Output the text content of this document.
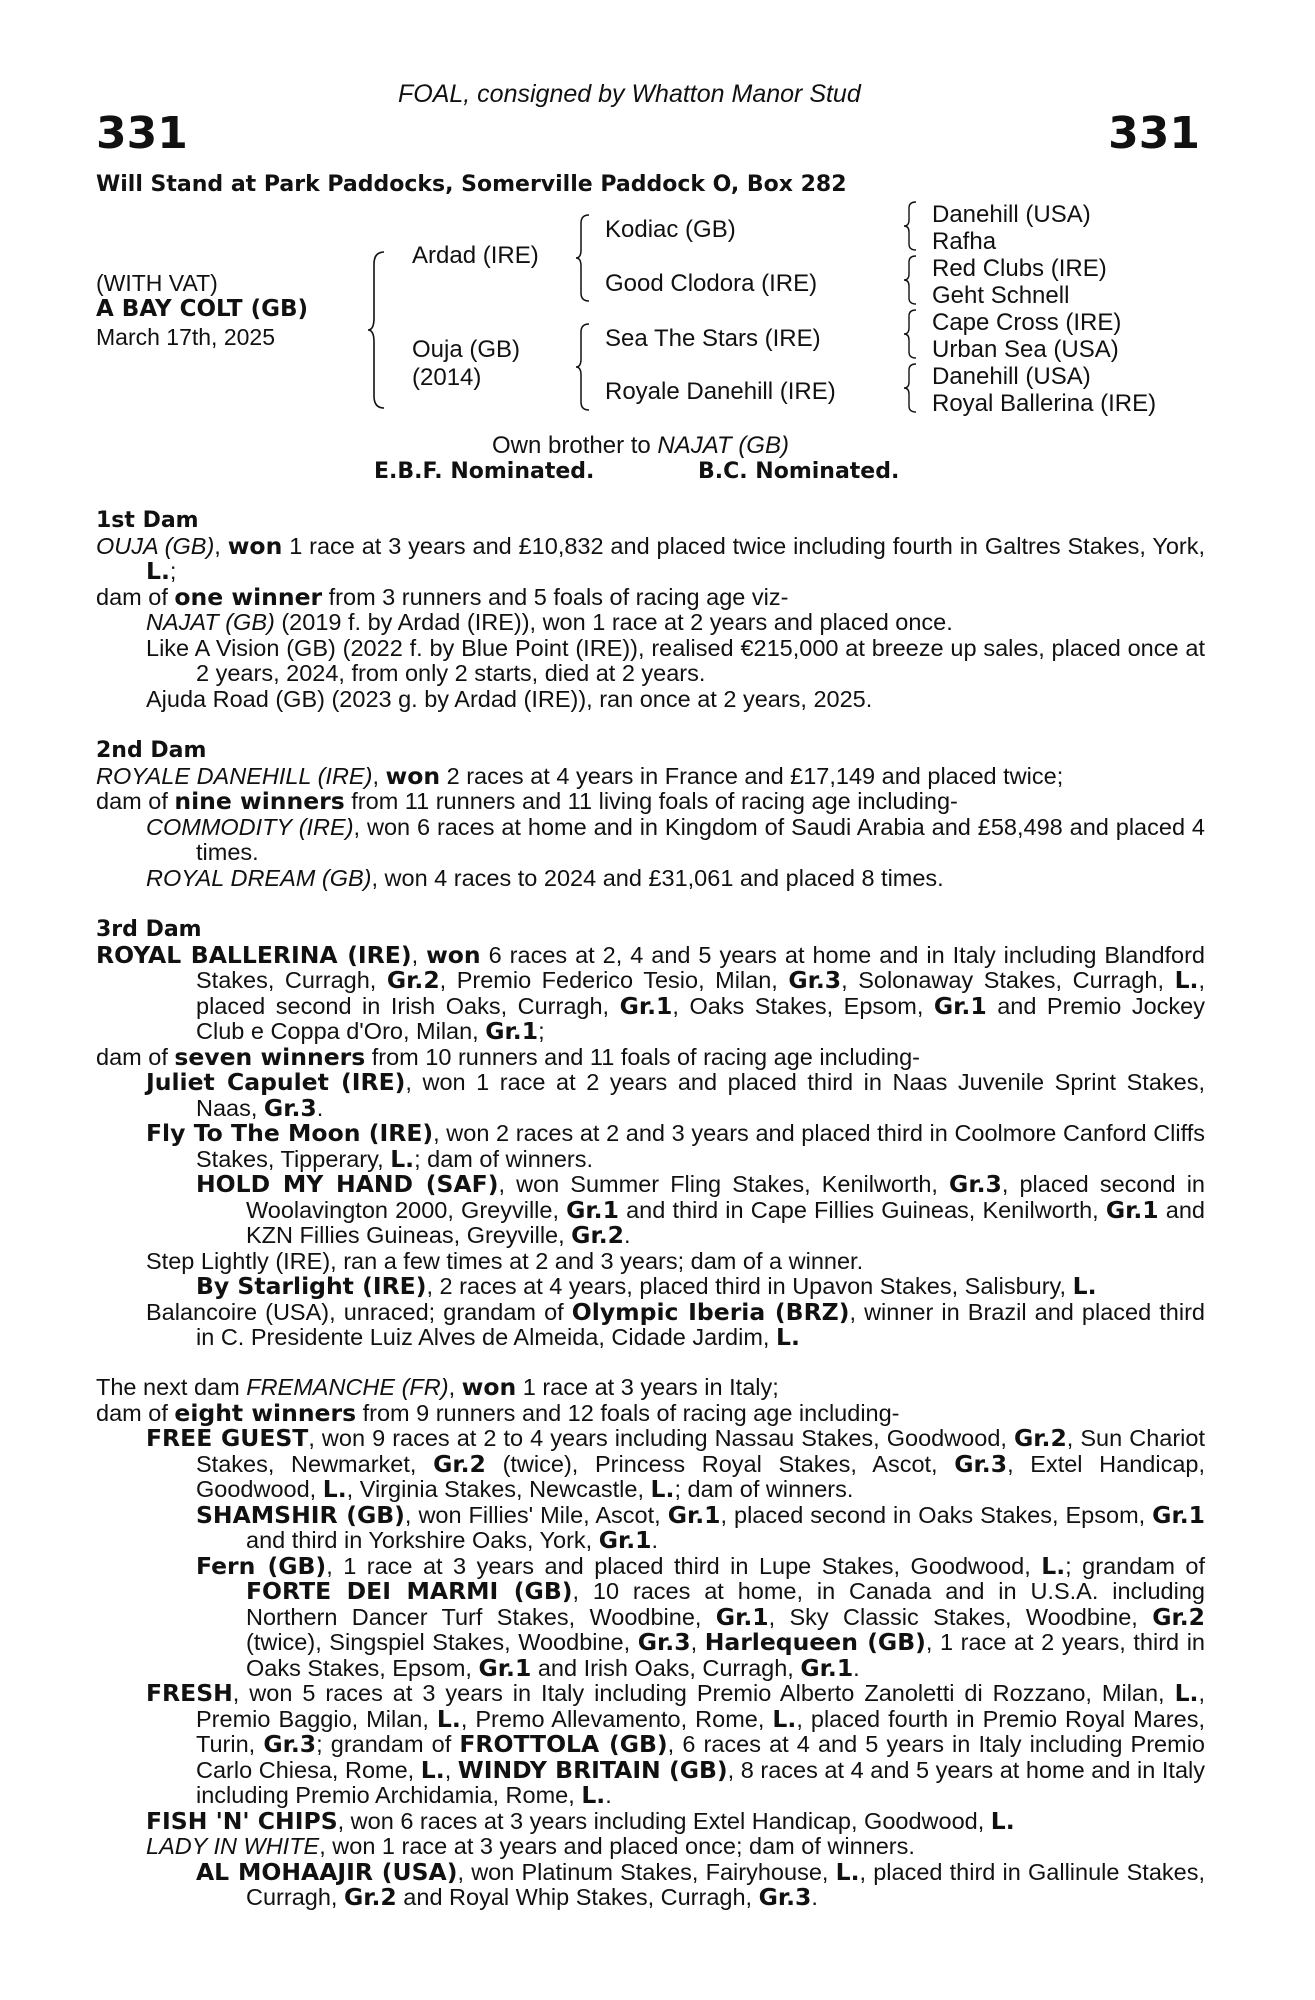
FOAL, consigned by Whatton Manor Stud
331	331
Will Stand at Park Paddocks, Somerville Paddock O, Box 282
(WITH VAT)
A BAY COLT (GB)
March 17th, 2025
Ardad (IRE)
Ouja (GB)
(2014)
Kodiac (GB)
Good Clodora (IRE)
Sea The Stars (IRE)
Royale Danehill (IRE)
Danehill (USA)
Rafha
Red Clubs (IRE)
Geht Schnell
Cape Cross (IRE)
Urban Sea (USA)
Danehill (USA)
Royal Ballerina (IRE)
Own brother to NAJAT (GB)
E.B.F. Nominated.	B.C. Nominated.

1st Dam

OUJA (GB), won 1 race at 3 years and £10,832 and placed twice including fourth in Galtres Stakes, York, L.;

dam of one winner from 3 runners and 5 foals of racing age viz-

NAJAT (GB) (2019 f. by Ardad (IRE)), won 1 race at 2 years and placed once.

Like A Vision (GB) (2022 f. by Blue Point (IRE)), realised €215,000 at breeze up sales, placed once at 2 years, 2024, from only 2 starts, died at 2 years.

Ajuda Road (GB) (2023 g. by Ardad (IRE)), ran once at 2 years, 2025.

2nd Dam

ROYALE DANEHILL (IRE), won 2 races at 4 years in France and £17,149 and placed twice;

dam of nine winners from 11 runners and 11 living foals of racing age including-

COMMODITY (IRE), won 6 races at home and in Kingdom of Saudi Arabia and £58,498 and placed 4 times.

ROYAL DREAM (GB), won 4 races to 2024 and £31,061 and placed 8 times.

3rd Dam

ROYAL BALLERINA (IRE), won 6 races at 2, 4 and 5 years at home and in Italy including Blandford Stakes, Curragh, Gr.2, Premio Federico Tesio, Milan, Gr.3, Solonaway Stakes, Curragh, L., placed second in Irish Oaks, Curragh, Gr.1, Oaks Stakes, Epsom, Gr.1 and Premio Jockey Club e Coppa d'Oro, Milan, Gr.1;

dam of seven winners from 10 runners and 11 foals of racing age including-

Juliet Capulet (IRE), won 1 race at 2 years and placed third in Naas Juvenile Sprint Stakes, Naas, Gr.3.

Fly To The Moon (IRE), won 2 races at 2 and 3 years and placed third in Coolmore Canford Cliffs Stakes, Tipperary, L.; dam of winners.

HOLD MY HAND (SAF), won Summer Fling Stakes, Kenilworth, Gr.3, placed second in Woolavington 2000, Greyville, Gr.1 and third in Cape Fillies Guineas, Kenilworth, Gr.1 and KZN Fillies Guineas, Greyville, Gr.2.

Step Lightly (IRE), ran a few times at 2 and 3 years; dam of a winner.

By Starlight (IRE), 2 races at 4 years, placed third in Upavon Stakes, Salisbury, L.

Balancoire (USA), unraced; grandam of Olympic Iberia (BRZ), winner in Brazil and placed third in C. Presidente Luiz Alves de Almeida, Cidade Jardim, L.

The next dam FREMANCHE (FR), won 1 race at 3 years in Italy;

dam of eight winners from 9 runners and 12 foals of racing age including-

FREE GUEST, won 9 races at 2 to 4 years including Nassau Stakes, Goodwood, Gr.2, Sun Chariot Stakes, Newmarket, Gr.2 (twice), Princess Royal Stakes, Ascot, Gr.3, Extel Handicap, Goodwood, L., Virginia Stakes, Newcastle, L.; dam of winners.

SHAMSHIR (GB), won Fillies' Mile, Ascot, Gr.1, placed second in Oaks Stakes, Epsom, Gr.1 and third in Yorkshire Oaks, York, Gr.1.

Fern (GB), 1 race at 3 years and placed third in Lupe Stakes, Goodwood, L.; grandam of FORTE DEI MARMI (GB), 10 races at home, in Canada and in U.S.A. including Northern Dancer Turf Stakes, Woodbine, Gr.1, Sky Classic Stakes, Woodbine, Gr.2 (twice), Singspiel Stakes, Woodbine, Gr.3, Harlequeen (GB), 1 race at 2 years, third in Oaks Stakes, Epsom, Gr.1 and Irish Oaks, Curragh, Gr.1.

FRESH, won 5 races at 3 years in Italy including Premio Alberto Zanoletti di Rozzano, Milan, L., Premio Baggio, Milan, L., Premo Allevamento, Rome, L., placed fourth in Premio Royal Mares, Turin, Gr.3; grandam of FROTTOLA (GB), 6 races at 4 and 5 years in Italy including Premio Carlo Chiesa, Rome, L., WINDY BRITAIN (GB), 8 races at 4 and 5 years at home and in Italy including Premio Archidamia, Rome, L..

FISH 'N' CHIPS, won 6 races at 3 years including Extel Handicap, Goodwood, L.

LADY IN WHITE, won 1 race at 3 years and placed once; dam of winners.

AL MOHAAJIR (USA), won Platinum Stakes, Fairyhouse, L., placed third in Gallinule Stakes, Curragh, Gr.2 and Royal Whip Stakes, Curragh, Gr.3.
